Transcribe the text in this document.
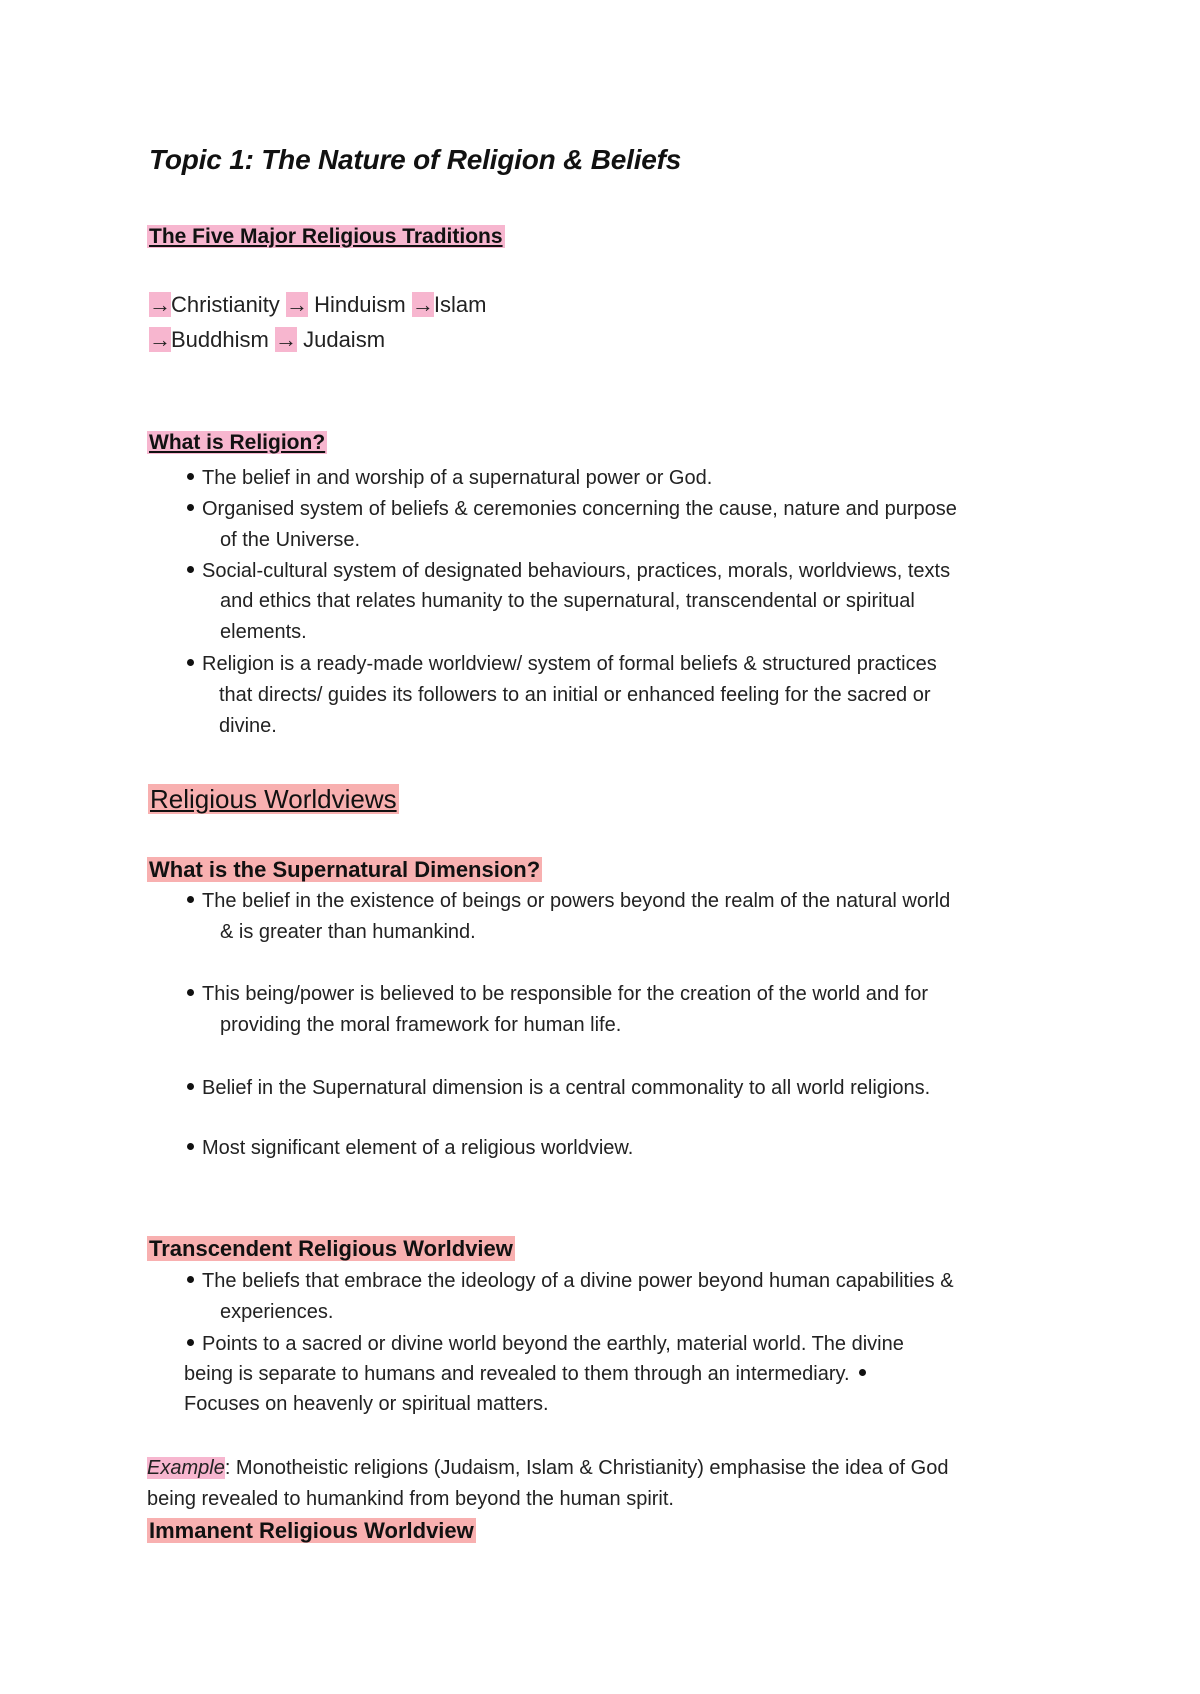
Topic 1: The Nature of Religion & Beliefs
The Five Major Religious Traditions
→Christianity → Hinduism →Islam
→Buddhism → Judaism
What is Religion?
The belief in and worship of a supernatural power or God.
Organised system of beliefs & ceremonies concerning the cause, nature and purpose
of the Universe.
Social-cultural system of designated behaviours, practices, morals, worldviews, texts
and ethics that relates humanity to the supernatural, transcendental or spiritual
elements.
Religion is a ready-made worldview/ system of formal beliefs & structured practices
that directs/ guides its followers to an initial or enhanced feeling for the sacred or
divine.
Religious Worldviews
What is the Supernatural Dimension?
The belief in the existence of beings or powers beyond the realm of the natural world
& is greater than humankind.
This being/power is believed to be responsible for the creation of the world and for
providing the moral framework for human life.
Belief in the Supernatural dimension is a central commonality to all world religions.
Most significant element of a religious worldview.
Transcendent Religious Worldview
The beliefs that embrace the ideology of a divine power beyond human capabilities &
experiences.
Points to a sacred or divine world beyond the earthly, material world. The divine
being is separate to humans and revealed to them through an intermediary.
Focuses on heavenly or spiritual matters.
Example: Monotheistic religions (Judaism, Islam & Christianity) emphasise the idea of God
being revealed to humankind from beyond the human spirit.
Immanent Religious Worldview
